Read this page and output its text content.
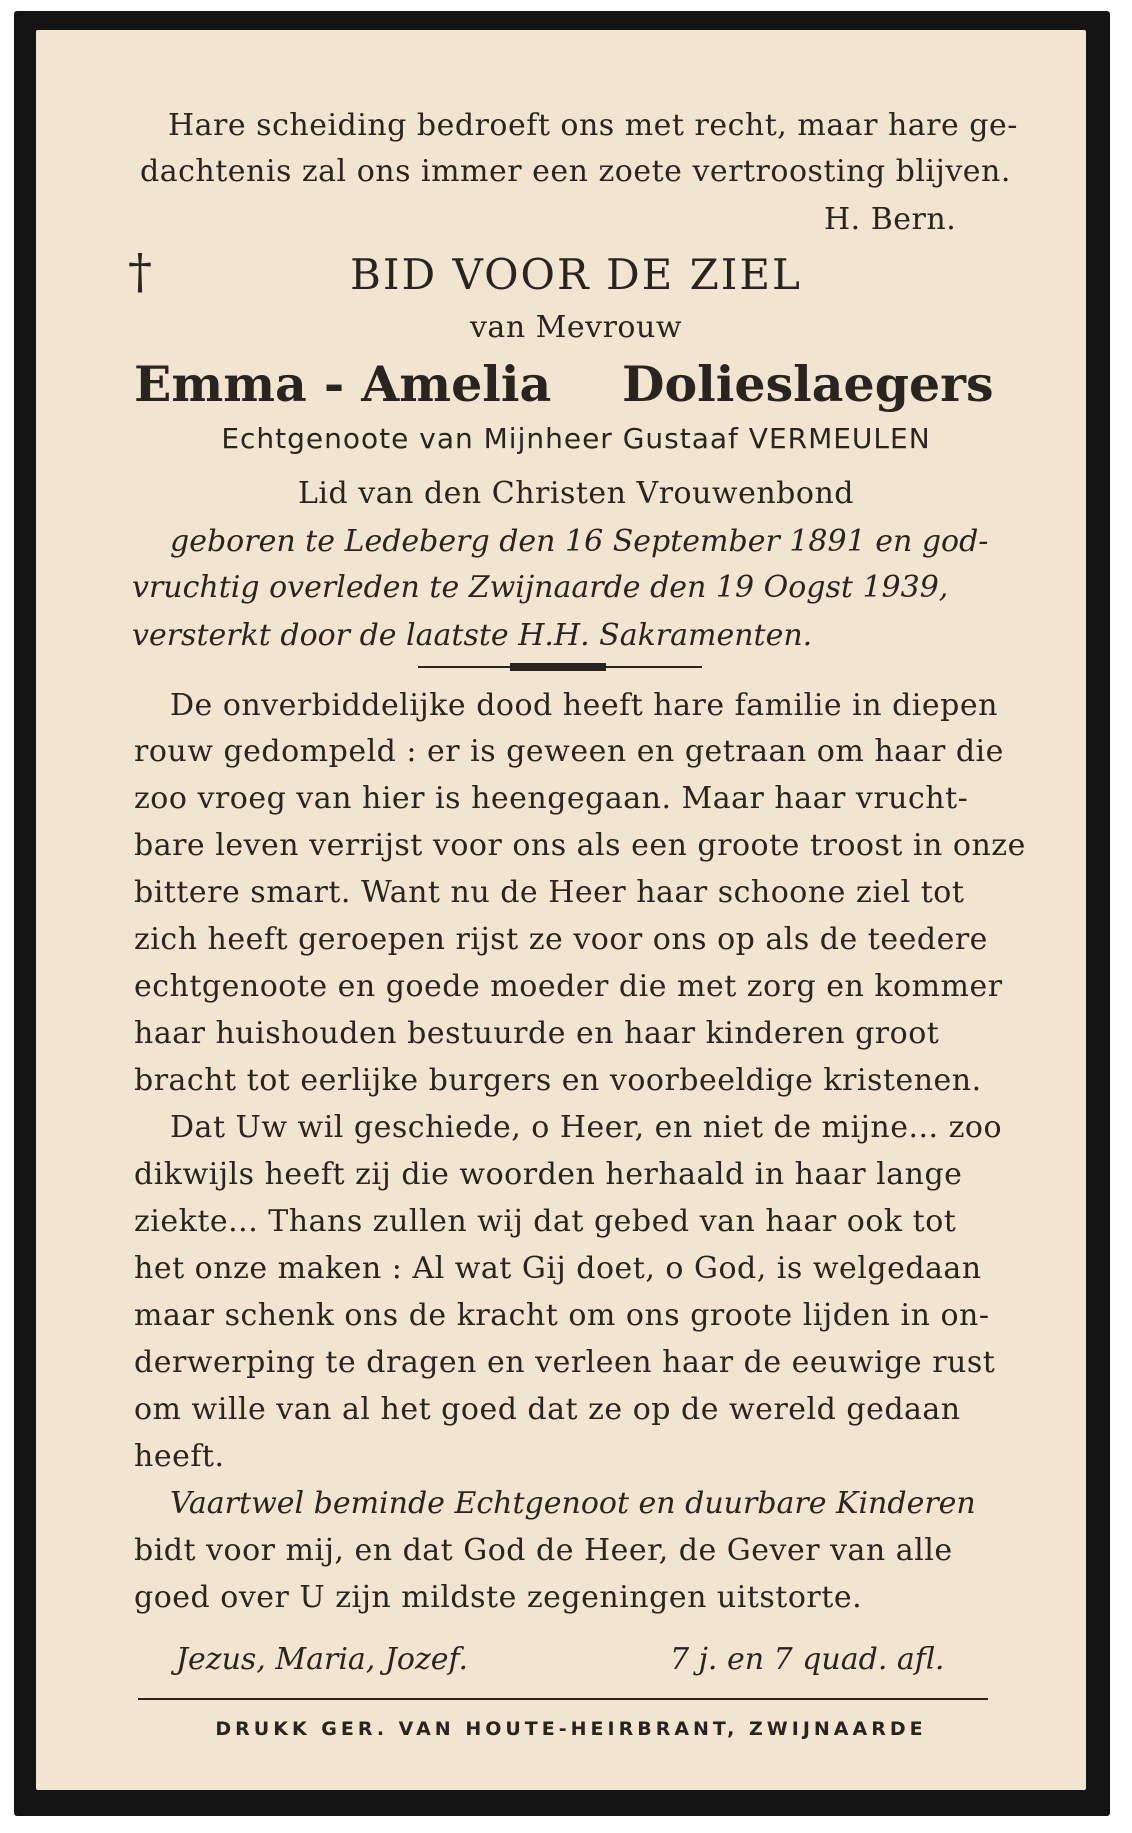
Hare scheiding bedroeft ons met recht, maar hare ge-
dachtenis zal ons immer een zoete vertroosting blijven.
H. Bern.
†	BID VOOR DE ZIEL
van Mevrouw
Emma - Amelia Dolieslaegers
Echtgenoote van Mijnheer Gustaaf VERMEULEN
Lid van den Christen Vrouwenbond
geboren te Ledeberg den 16 September 1891 en god-
vruchtig overleden te Zwijnaarde den 19 Oogst 1939,
versterkt door de laatste H.H. Sakramenten.
De onverbiddelijke dood heeft hare familie in diepen
rouw gedompeld : er is geween en getraan om haar die
zoo vroeg van hier is heengegaan. Maar haar vrucht-
bare leven verrijst voor ons als een groote troost in onze
bittere smart. Want nu de Heer haar schoone ziel tot
zich heeft geroepen rijst ze voor ons op als de teedere
echtgenoote en goede moeder die met zorg en kommer
haar huishouden bestuurde en haar kinderen groot
bracht tot eerlijke burgers en voorbeeldige kristenen.
Dat Uw wil geschiede, o Heer, en niet de mijne... zoo
dikwijls heeft zij die woorden herhaald in haar lange
ziekte... Thans zullen wij dat gebed van haar ook tot
het onze maken : Al wat Gij doet, o God, is welgedaan
maar schenk ons de kracht om ons groote lijden in on-
derwerping te dragen en verleen haar de eeuwige rust
om wille van al het goed dat ze op de wereld gedaan
heeft.
Vaartwel beminde Echtgenoot en duurbare Kinderen
bidt voor mij, en dat God de Heer, de Gever van alle
goed over U zijn mildste zegeningen uitstorte.
Jezus, Maria, Jozef.	7 j. en 7 quad. afl.
DRUKK GER. VAN HOUTE-HEIRBRANT, ZWIJNAARDE
